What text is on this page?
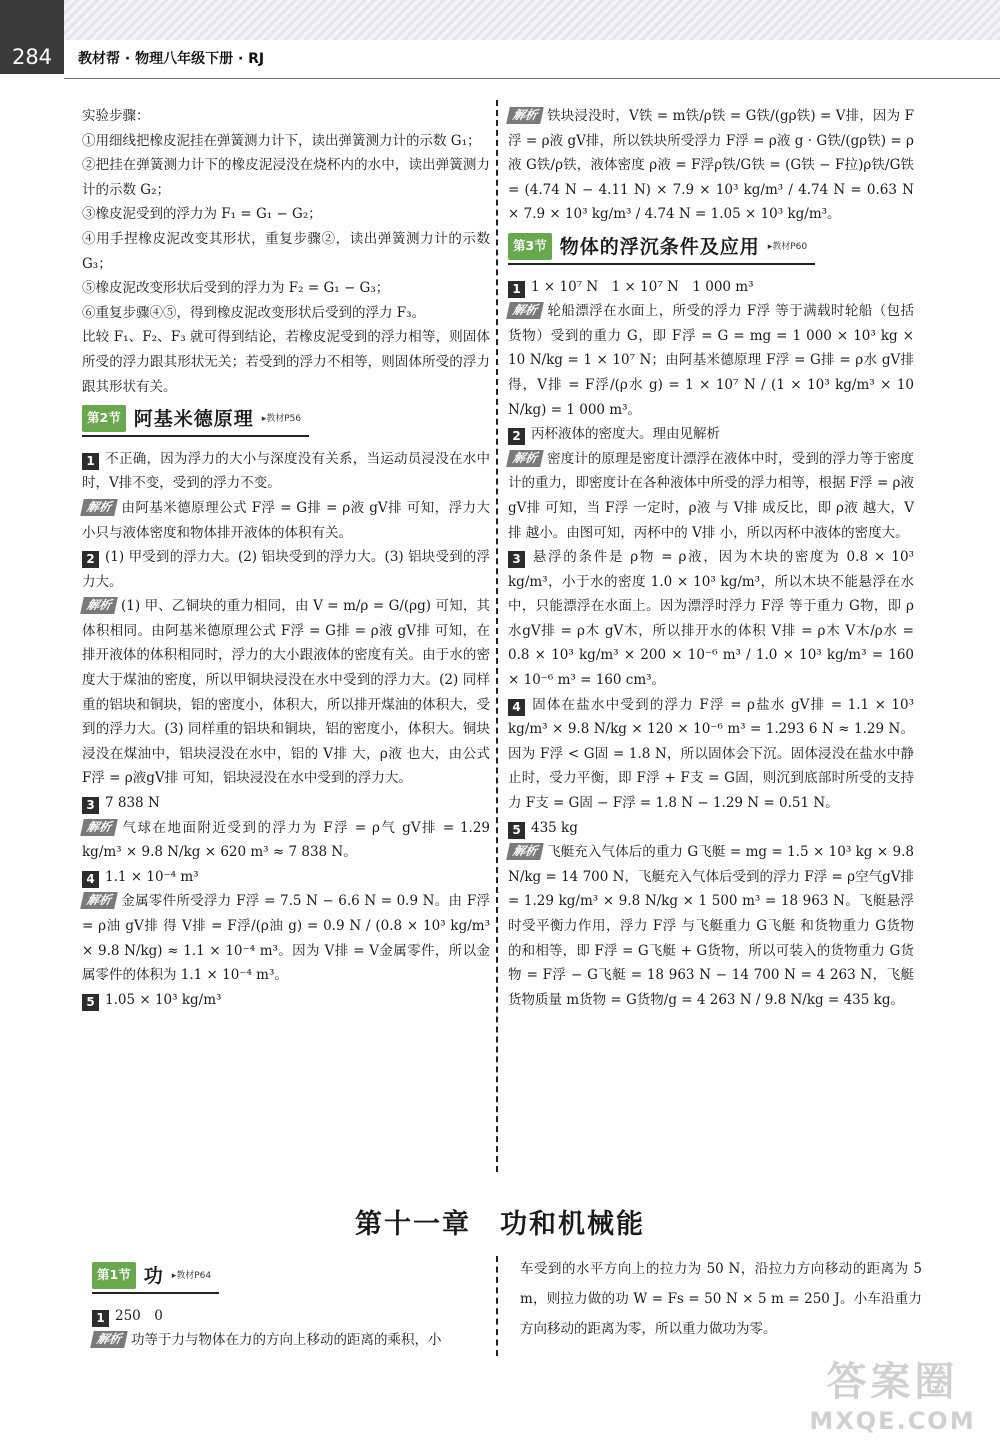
284	教材帮 · 物理八年级下册 · RJ

实验步骤：

①用细线把橡皮泥挂在弹簧测力计下，读出弹簧测力计的示数 G₁；

②把挂在弹簧测力计下的橡皮泥浸没在烧杯内的水中，读出弹簧测力计的示数 G₂；

③橡皮泥受到的浮力为 F₁ = G₁ − G₂；

④用手捏橡皮泥改变其形状，重复步骤②，读出弹簧测力计的示数 G₃；

⑤橡皮泥改变形状后受到的浮力为 F₂ = G₁ − G₃；

⑥重复步骤④⑤，得到橡皮泥改变形状后受到的浮力 F₃。

比较 F₁、F₂、F₃ 就可得到结论，若橡皮泥受到的浮力相等，则固体所受的浮力跟其形状无关；若受到的浮力不相等，则固体所受的浮力跟其形状有关。

第2节 阿基米德原理 ▸教材P56

1 不正确，因为浮力的大小与深度没有关系，当运动员浸没在水中时，V排不变，受到的浮力不变。

解析 由阿基米德原理公式 F浮 = G排 = ρ液 gV排 可知，浮力大小只与液体密度和物体排开液体的体积有关。

2 (1) 甲受到的浮力大。(2) 铝块受到的浮力大。(3) 铝块受到的浮力大。

解析 (1) 甲、乙铜块的重力相同，由 V = m/ρ = G/(ρg) 可知，其体积相同。由阿基米德原理公式 F浮 = G排 = ρ液 gV排 可知，在排开液体的体积相同时，浮力的大小跟液体的密度有关。由于水的密度大于煤油的密度，所以甲铜块浸没在水中受到的浮力大。(2) 同样重的铝块和铜块，铝的密度小，体积大，所以排开煤油的体积大，受到的浮力大。(3) 同样重的铝块和铜块，铝的密度小，体积大。铜块浸没在煤油中，铝块浸没在水中，铝的 V排 大，ρ液 也大，由公式 F浮 = ρ液gV排 可知，铝块浸没在水中受到的浮力大。

3 7 838 N

解析 气球在地面附近受到的浮力为 F浮 = ρ气 gV排 = 1.29 kg/m³ × 9.8 N/kg × 620 m³ ≈ 7 838 N。

4 1.1 × 10⁻⁴ m³

解析 金属零件所受浮力 F浮 = 7.5 N − 6.6 N = 0.9 N。由 F浮 = ρ油 gV排 得 V排 = F浮/(ρ油 g) = 0.9 N / (0.8 × 10³ kg/m³ × 9.8 N/kg) ≈ 1.1 × 10⁻⁴ m³。因为 V排 = V金属零件，所以金属零件的体积为 1.1 × 10⁻⁴ m³。

5 1.05 × 10³ kg/m³

解析 铁块浸没时，V铁 = m铁/ρ铁 = G铁/(gρ铁) = V排，因为 F浮 = ρ液 gV排，所以铁块所受浮力 F浮 = ρ液 g · G铁/(gρ铁) = ρ液 G铁/ρ铁，液体密度 ρ液 = F浮ρ铁/G铁 = (G铁 − F拉)ρ铁/G铁 = (4.74 N − 4.11 N) × 7.9 × 10³ kg/m³ / 4.74 N = 0.63 N × 7.9 × 10³ kg/m³ / 4.74 N = 1.05 × 10³ kg/m³。

第3节 物体的浮沉条件及应用 ▸教材P60

1 1 × 10⁷ N　1 × 10⁷ N　1 000 m³

解析 轮船漂浮在水面上，所受的浮力 F浮 等于满载时轮船（包括货物）受到的重力 G，即 F浮 = G = mg = 1 000 × 10³ kg × 10 N/kg = 1 × 10⁷ N；由阿基米德原理 F浮 = G排 = ρ水 gV排 得，V排 = F浮/(ρ水 g) = 1 × 10⁷ N / (1 × 10³ kg/m³ × 10 N/kg) = 1 000 m³。

2 丙杯液体的密度大。理由见解析

解析 密度计的原理是密度计漂浮在液体中时，受到的浮力等于密度计的重力，即密度计在各种液体中所受的浮力相等，根据 F浮 = ρ液 gV排 可知，当 F浮 一定时，ρ液 与 V排 成反比，即 ρ液 越大，V排 越小。由图可知，丙杯中的 V排 小，所以丙杯中液体的密度大。

3 悬浮的条件是 ρ物 = ρ液，因为木块的密度为 0.8 × 10³ kg/m³，小于水的密度 1.0 × 10³ kg/m³，所以木块不能悬浮在水中，只能漂浮在水面上。因为漂浮时浮力 F浮 等于重力 G物，即 ρ水gV排 = ρ木 gV木，所以排开水的体积 V排 = ρ木 V木/ρ水 = 0.8 × 10³ kg/m³ × 200 × 10⁻⁶ m³ / 1.0 × 10³ kg/m³ = 160 × 10⁻⁶ m³ = 160 cm³。

4 固体在盐水中受到的浮力 F浮 = ρ盐水 gV排 = 1.1 × 10³ kg/m³ × 9.8 N/kg × 120 × 10⁻⁶ m³ = 1.293 6 N ≈ 1.29 N。因为 F浮 < G固 = 1.8 N，所以固体会下沉。固体浸没在盐水中静止时，受力平衡，即 F浮 + F支 = G固，则沉到底部时所受的支持力 F支 = G固 − F浮 = 1.8 N − 1.29 N = 0.51 N。

5 435 kg

解析 飞艇充入气体后的重力 G飞艇 = mg = 1.5 × 10³ kg × 9.8 N/kg = 14 700 N，飞艇充入气体后受到的浮力 F浮 = ρ空气gV排 = 1.29 kg/m³ × 9.8 N/kg × 1 500 m³ = 18 963 N。飞艇悬浮时受平衡力作用，浮力 F浮 与飞艇重力 G飞艇 和货物重力 G货物 的和相等，即 F浮 = G飞艇 + G货物，所以可装入的货物重力 G货物 = F浮 − G飞艇 = 18 963 N − 14 700 N = 4 263 N，飞艇货物质量 m货物 = G货物/g = 4 263 N / 9.8 N/kg = 435 kg。

第十一章　功和机械能
第1节 功 ▸教材P64

1 250　0

解析 功等于力与物体在力的方向上移动的距离的乘积，小

车受到的水平方向上的拉力为 50 N，沿拉力方向移动的距离为 5 m，则拉力做的功 W = Fs = 50 N × 5 m = 250 J。小车沿重力方向移动的距离为零，所以重力做功为零。

答案圈
MXQE.COM
